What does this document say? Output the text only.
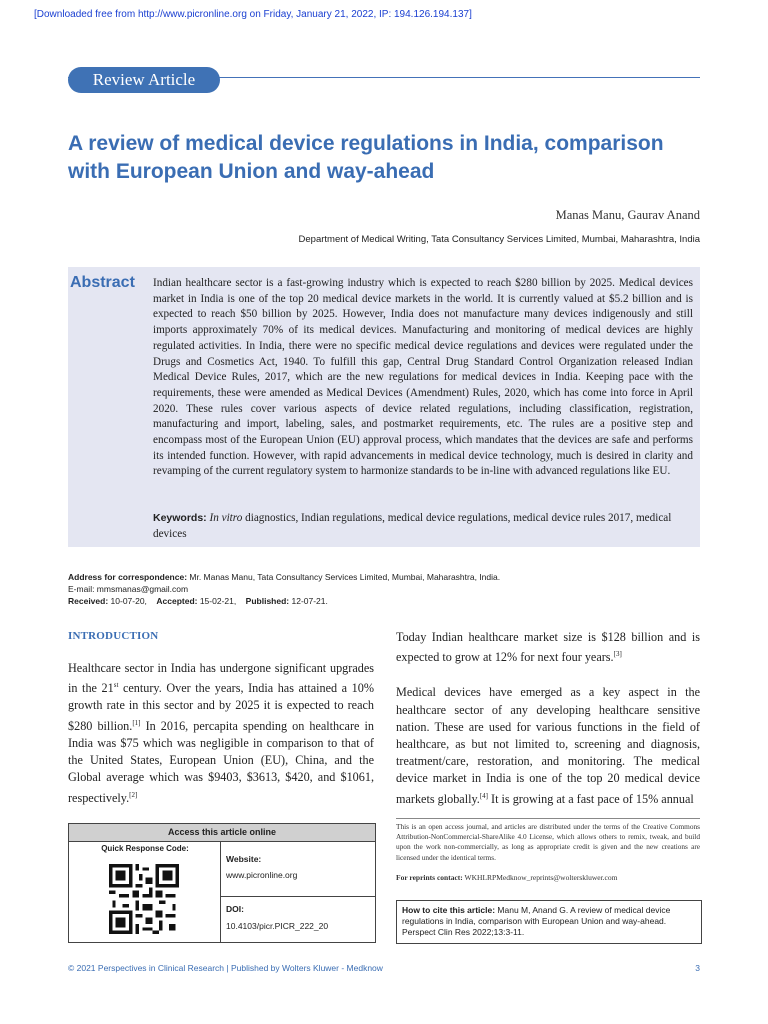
[Downloaded free from http://www.picronline.org on Friday, January 21, 2022, IP: 194.126.194.137]
Review Article
A review of medical device regulations in India, comparison with European Union and way-ahead
Manas Manu, Gaurav Anand
Department of Medical Writing, Tata Consultancy Services Limited, Mumbai, Maharashtra, India
Abstract Indian healthcare sector is a fast-growing industry which is expected to reach $280 billion by 2025. Medical devices market in India is one of the top 20 medical device markets in the world. It is currently valued at $5.2 billion and is expected to reach $50 billion by 2025. However, India does not manufacture many devices indigenously and still imports approximately 70% of its medical devices. Manufacturing and monitoring of medical devices are highly regulated activities. In India, there were no specific medical device regulations and devices were regulated under the Drugs and Cosmetics Act, 1940. To fulfill this gap, Central Drug Standard Control Organization released Indian Medical Device Rules, 2017, which are the new regulations for medical devices in India. Keeping pace with the requirements, these were amended as Medical Devices (Amendment) Rules, 2020, which has come into force in April 2020. These rules cover various aspects of device related regulations, including classification, registration, manufacturing and import, labeling, sales, and postmarket requirements, etc. The rules are a positive step and encompass most of the European Union (EU) approval process, which mandates that the devices are safe and performs its intended function. However, with rapid advancements in medical device technology, much is desired in clarity and revamping of the current regulatory system to harmonize standards to be in-line with advanced regulations like EU.
Keywords: In vitro diagnostics, Indian regulations, medical device regulations, medical device rules 2017, medical devices
Address for correspondence: Mr. Manas Manu, Tata Consultancy Services Limited, Mumbai, Maharashtra, India.
E-mail: mmsmanas@gmail.com
Received: 10-07-20, Accepted: 15-02-21, Published: 12-07-21.
INTRODUCTION

Healthcare sector in India has undergone significant upgrades in the 21st century. Over the years, India has attained a 10% growth rate in this sector and by 2025 it is expected to reach $280 billion.[1] In 2016, percapita spending on healthcare in India was $75 which was negligible in comparison to that of the United States, European Union (EU), China, and the Global average which was $9403, $3613, $420, and $1061, respectively.[2]

Today Indian healthcare market size is $128 billion and is expected to grow at 12% for next four years.[3]

Medical devices have emerged as a key aspect in the healthcare sector of any developing healthcare sensitive nation. These are used for various functions in the field of healthcare, as but not limited to, screening and diagnosis, treatment/care, restoration, and monitoring. The medical device market in India is one of the top 20 medical device markets globally.[4] It is growing at a fast pace of 15% annual

Access this article online
Quick Response Code:
Website:
www.picronline.org
DOI:
10.4103/picr.PICR_222_20
This is an open access journal, and articles are distributed under the terms of the Creative Commons Attribution-NonCommercial-ShareAlike 4.0 License, which allows others to remix, tweak, and build upon the work non-commercially, as long as appropriate credit is given and the new creations are licensed under the identical terms.
For reprints contact: WKHLRPMedknow_reprints@wolterskluwer.com
How to cite this article: Manu M, Anand G. A review of medical device regulations in India, comparison with European Union and way-ahead. Perspect Clin Res 2022;13:3-11.
© 2021 Perspectives in Clinical Research | Published by Wolters Kluwer - Medknow	3
